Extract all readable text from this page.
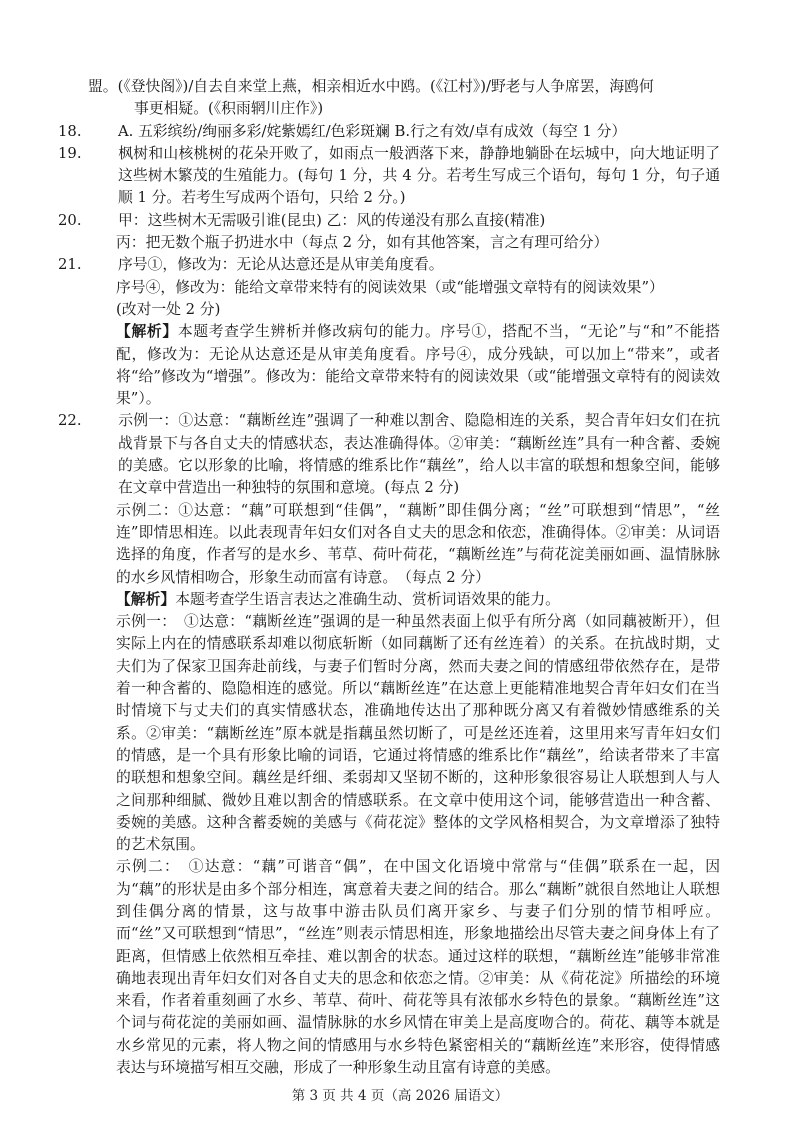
盟。(《登快阁》)/自去自来堂上燕，相亲相近水中鸥。(《江村》)/野老与人争席罢，海鸥何

事更相疑。(《积雨辋川庄作》)

18. A. 五彩缤纷/绚丽多彩/姹紫嫣红/色彩斑斓 B.行之有效/卓有成效（每空 1 分）

19. 枫树和山核桃树的花朵开败了，如雨点一般洒落下来，静静地躺卧在坛城中，向大地证明了这些树木繁茂的生殖能力。(每句 1 分，共 4 分。若考生写成三个语句，每句 1 分，句子通顺 1 分。若考生写成两个语句，只给 2 分。)

20. 甲：这些树木无需吸引谁(昆虫) 乙：风的传递没有那么直接(精准)

丙：把无数个瓶子扔进水中（每点 2 分，如有其他答案，言之有理可给分）

21. 序号①，修改为：无论从达意还是从审美角度看。

序号④，修改为：能给文章带来特有的阅读效果（或“能增强文章特有的阅读效果”）

(改对一处 2 分)

【解析】本题考查学生辨析并修改病句的能力。序号①，搭配不当，“无论”与“和”不能搭配，修改为：无论从达意还是从审美角度看。序号④，成分残缺，可以加上“带来”，或者将“给”修改为“增强”。修改为：能给文章带来特有的阅读效果（或“能增强文章特有的阅读效果”）。

22. 示例一：①达意：“藕断丝连”强调了一种难以割舍、隐隐相连的关系，契合青年妇女们在抗战背景下与各自丈夫的情感状态，表达准确得体。②审美：“藕断丝连”具有一种含蓄、委婉的美感。它以形象的比喻，将情感的维系比作“藕丝”，给人以丰富的联想和想象空间，能够在文章中营造出一种独特的氛围和意境。(每点 2 分)

示例二：①达意：“藕”可联想到“佳偶”，“藕断”即佳偶分离；“丝”可联想到“情思”，“丝连”即情思相连。以此表现青年妇女们对各自丈夫的思念和依恋，准确得体。②审美：从词语选择的角度，作者写的是水乡、苇草、荷叶荷花，“藕断丝连”与荷花淀美丽如画、温情脉脉的水乡风情相吻合，形象生动而富有诗意。　（每点 2 分）

【解析】本题考查学生语言表达之准确生动、赏析词语效果的能力。

示例一：　①达意：“藕断丝连”强调的是一种虽然表面上似乎有所分离（如同藕被断开），但实际上内在的情感联系却难以彻底斩断（如同藕断了还有丝连着）的关系。在抗战时期，丈夫们为了保家卫国奔赴前线，与妻子们暂时分离，然而夫妻之间的情感纽带依然存在，是带着一种含蓄的、隐隐相连的感觉。所以“藕断丝连”在达意上更能精准地契合青年妇女们在当时情境下与丈夫们的真实情感状态，准确地传达出了那种既分离又有着微妙情感维系的关系。②审美：“藕断丝连”原本就是指藕虽然切断了，可是丝还连着，这里用来写青年妇女们的情感，是一个具有形象比喻的词语，它通过将情感的维系比作“藕丝”，给读者带来了丰富的联想和想象空间。藕丝是纤细、柔弱却又坚韧不断的，这种形象很容易让人联想到人与人之间那种细腻、微妙且难以割舍的情感联系。在文章中使用这个词，能够营造出一种含蓄、委婉的美感。这种含蓄委婉的美感与《荷花淀》整体的文学风格相契合，为文章增添了独特的艺术氛围。

示例二：　①达意：“藕”可谐音“偶”，在中国文化语境中常常与“佳偶”联系在一起，因为“藕”的形状是由多个部分相连，寓意着夫妻之间的结合。那么“藕断”就很自然地让人联想到佳偶分离的情景，这与故事中游击队员们离开家乡、与妻子们分别的情节相呼应。而“丝”又可联想到“情思”，“丝连”则表示情思相连，形象地描绘出尽管夫妻之间身体上有了距离，但情感上依然相互牵挂、难以割舍的状态。通过这样的联想，“藕断丝连”能够非常准确地表现出青年妇女们对各自丈夫的思念和依恋之情。②审美：从《荷花淀》所描绘的环境来看，作者着重刻画了水乡、苇草、荷叶、荷花等具有浓郁水乡特色的景象。“藕断丝连”这个词与荷花淀的美丽如画、温情脉脉的水乡风情在审美上是高度吻合的。荷花、藕等本就是水乡常见的元素，将人物之间的情感用与水乡特色紧密相关的“藕断丝连”来形容，使得情感表达与环境描写相互交融，形成了一种形象生动且富有诗意的美感。

第 3 页 共 4 页（高 2026 届语文）
